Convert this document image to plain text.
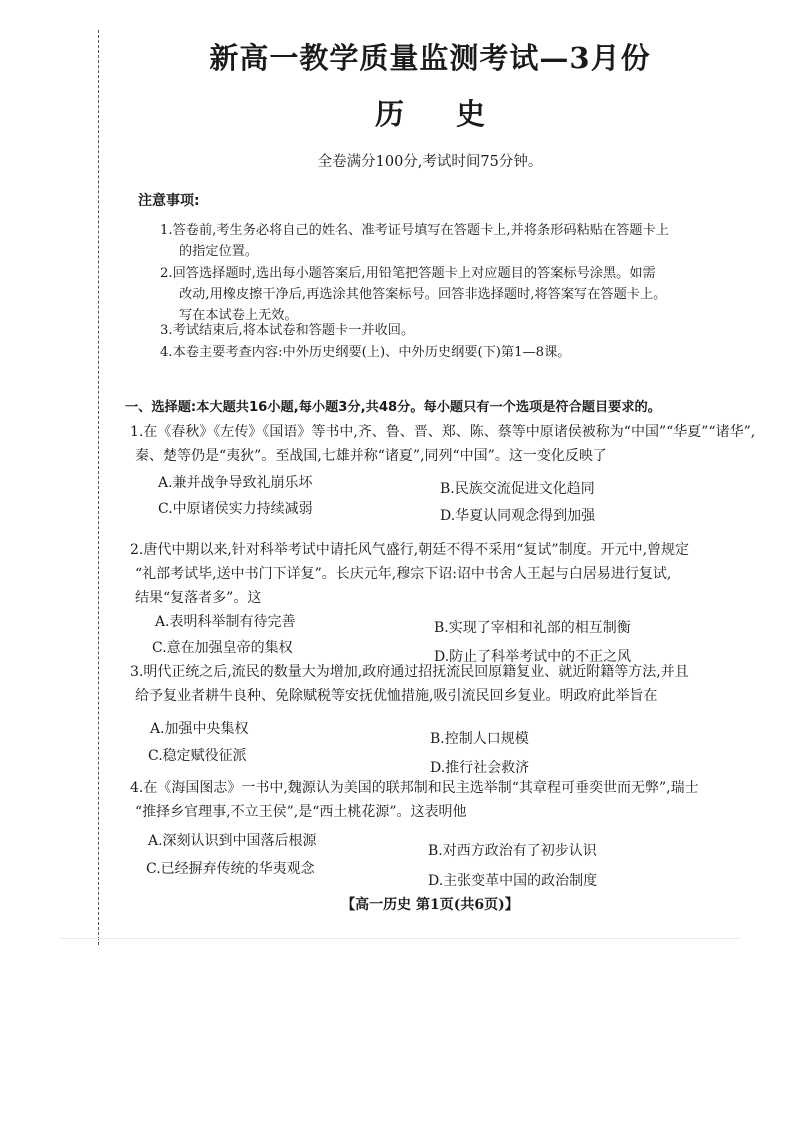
新高一教学质量监测考试—3月份
历史
全卷满分100分,考试时间75分钟。
注意事项:
1.答卷前,考生务必将自己的姓名、准考证号填写在答题卡上,并将条形码粘贴在答题卡上
的指定位置。
2.回答选择题时,选出每小题答案后,用铅笔把答题卡上对应题目的答案标号涂黑。如需
改动,用橡皮擦干净后,再选涂其他答案标号。回答非选择题时,将答案写在答题卡上。
写在本试卷上无效。
3.考试结束后,将本试卷和答题卡一并收回。
4.本卷主要考查内容:中外历史纲要(上)、中外历史纲要(下)第1—8课。
一、选择题:本大题共16小题,每小题3分,共48分。每小题只有一个选项是符合题目要求的。
1.在《春秋》《左传》《国语》等书中,齐、鲁、晋、郑、陈、蔡等中原诸侯被称为“中国”“华夏”“诸华”,
秦、楚等仍是“夷狄”。至战国,七雄并称“诸夏”,同列“中国”。这一变化反映了
A.兼并战争导致礼崩乐坏	B.民族交流促进文化趋同
C.中原诸侯实力持续减弱	D.华夏认同观念得到加强
2.唐代中期以来,针对科举考试中请托风气盛行,朝廷不得不采用“复试”制度。开元中,曾规定
“礼部考试毕,送中书门下详复”。长庆元年,穆宗下诏:诏中书舍人王起与白居易进行复试,
结果“复落者多”。这
A.表明科举制有待完善	B.实现了宰相和礼部的相互制衡
C.意在加强皇帝的集权
D.防止了科举考试中的不正之风
3.明代正统之后,流民的数量大为增加,政府通过招抚流民回原籍复业、就近附籍等方法,并且
给予复业者耕牛良种、免除赋税等安抚优恤措施,吸引流民回乡复业。明政府此举旨在
A.加强中央集权
B.控制人口规模
C.稳定赋役征派
D.推行社会救济
4.在《海国图志》一书中,魏源认为美国的联邦制和民主选举制“其章程可垂奕世而无弊”,瑞士
“推择乡官理事,不立王侯”,是“西土桃花源”。这表明他
A.深刻认识到中国落后根源
B.对西方政治有了初步认识
C.已经摒弃传统的华夷观念
D.主张变革中国的政治制度
【高一历史 第1页(共6页)】
